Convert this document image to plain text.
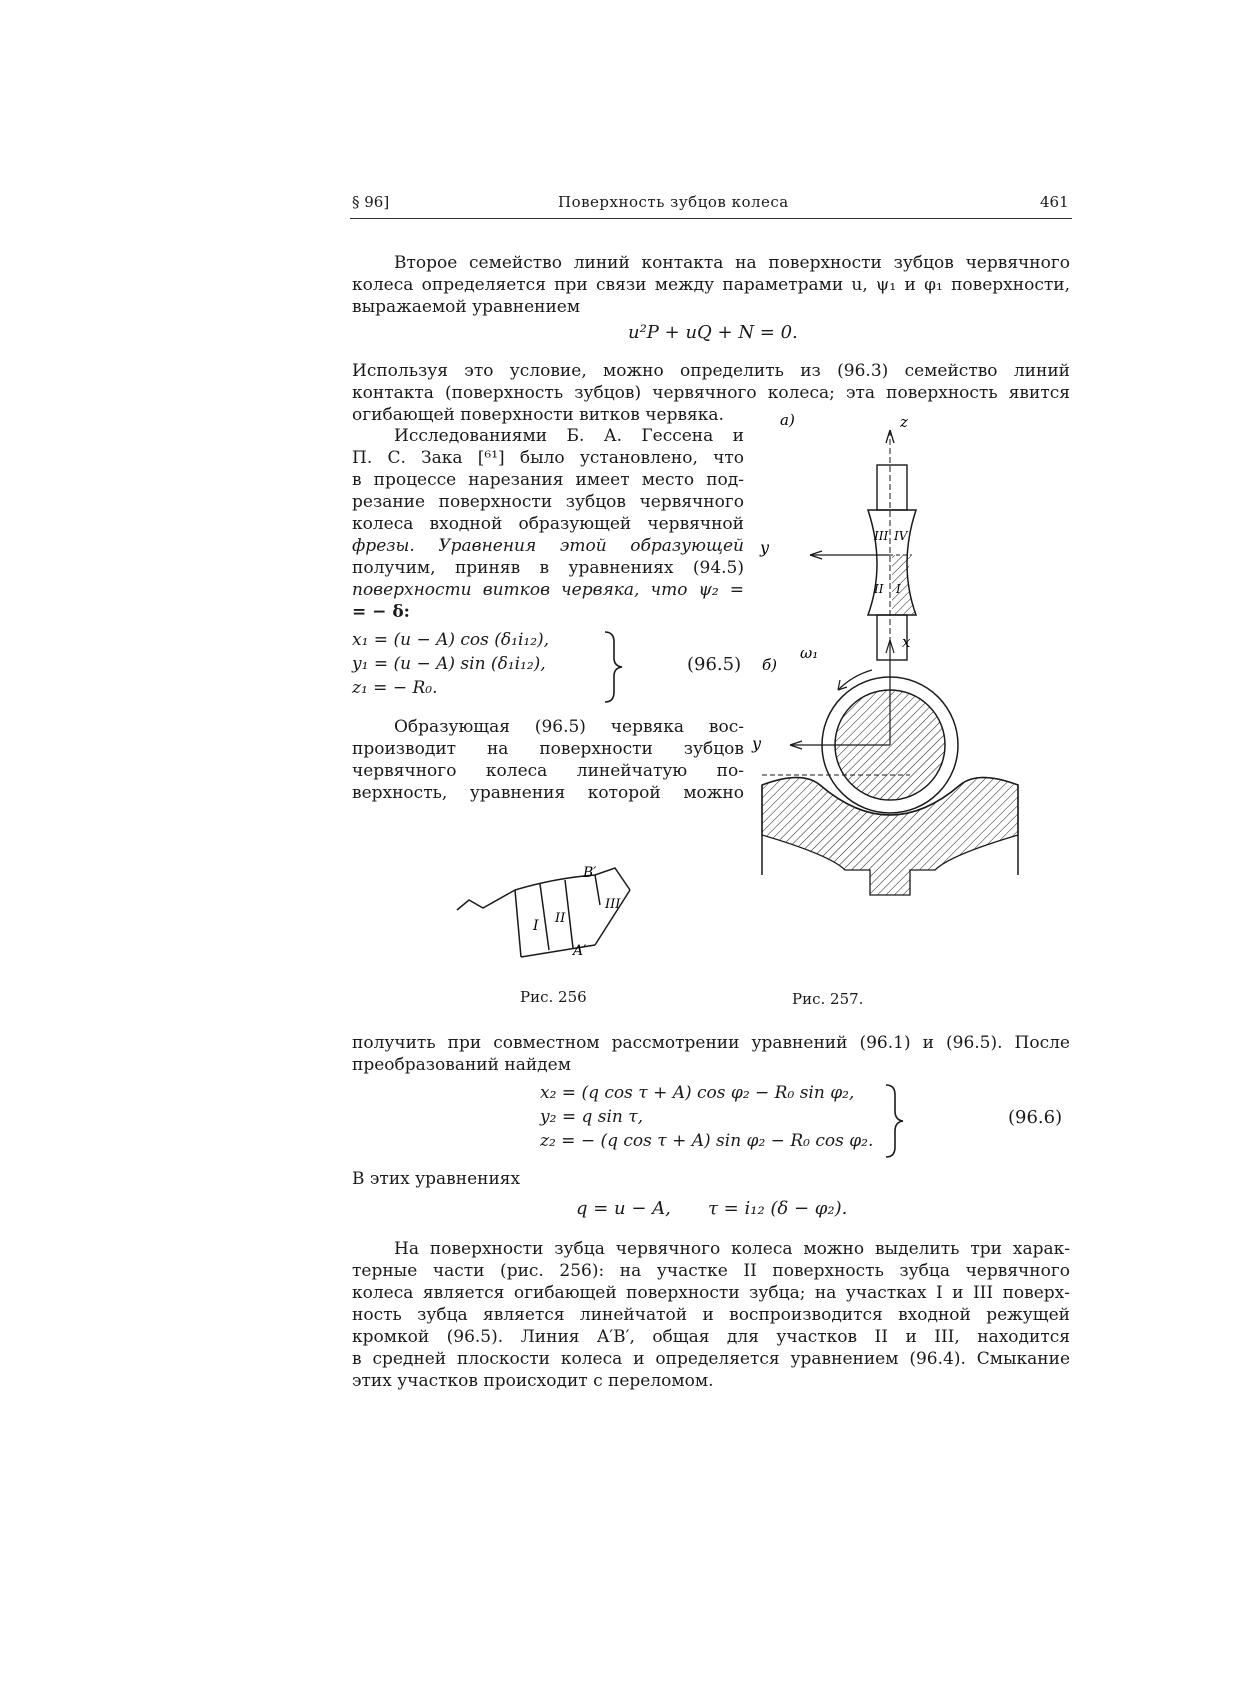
§ 96]	Поверхность зубцов колеса	461

Второе семейство линий контакта на поверхности зубцов червячного

колеса определяется при связи между параметрами u, ψ₁ и φ₁ поверхности,

выражаемой уравнением

u²P + uQ + N = 0.

Используя это условие, можно определить из (96.3) семейство линий

контакта (поверхность зубцов) червячного колеса; эта поверхность явится

огибающей поверхности витков червяка.

Исследованиями Б. А. Гессена и

П. С. Зака [⁶¹] было установлено, что

в процессе нарезания имеет место под-

резание поверхности зубцов червячного

колеса входной образующей червячной

фрезы. Уравнения этой образующей

получим, приняв в уравнениях (94.5)

поверхности витков червяка, что ψ₂ =

= − δ:

x₁ = (u − A) cos (δ₁i₁₂),
y₁ = (u − A) sin (δ₁i₁₂),
z₁ = − R₀.
(96.5)

Образующая (96.5) червяка вос-

производит на поверхности зубцов

червячного колеса линейчатую по-

верхность, уравнения которой можно

I II
III
B′
A′
Рис. 256
z
а)
y
III IV
II I
x
б)
ω₁
y
Рис. 257.

получить при совместном рассмотрении уравнений (96.1) и (96.5). После

преобразований найдем

x₂ = (q cos τ + A) cos φ₂ − R₀ sin φ₂,
y₂ = q sin τ,
z₂ = − (q cos τ + A) sin φ₂ − R₀ cos φ₂.
(96.6)
В этих уравнениях
q = u − A, τ = i₁₂ (δ − φ₂).

На поверхности зубца червячного колеса можно выделить три харак-

терные части (рис. 256): на участке II поверхность зубца червячного

колеса является огибающей поверхности зубца; на участках I и III поверх-

ность зубца является линейчатой и воспроизводится входной режущей

кромкой (96.5). Линия A′B′, общая для участков II и III, находится

в средней плоскости колеса и определяется уравнением (96.4). Смыкание

этих участков происходит с переломом.
